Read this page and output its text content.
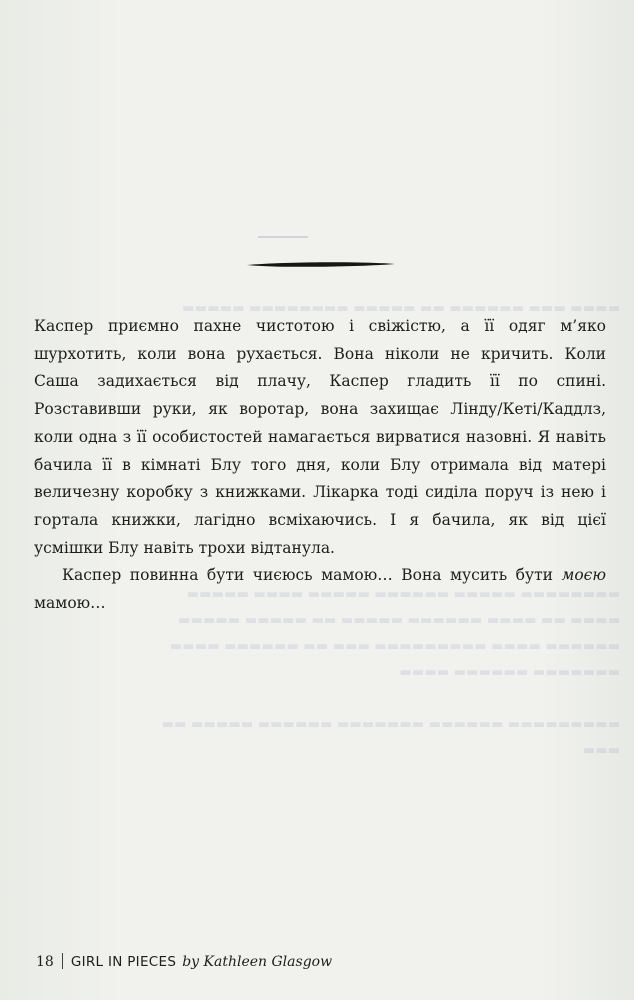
▬▬▬▬ ▬▬▬ ▬▬▬▬▬▬ ▬▬ ▬▬▬▬▬ ▬▬▬▬▬▬▬▬ ▬▬▬▬▬

▬▬▬▬▬▬▬▬ ▬▬▬▬▬ ▬▬▬▬▬▬ ▬▬▬▬▬ ▬▬▬▬ ▬▬▬▬▬
▬▬▬▬ ▬▬ ▬▬▬▬ ▬▬▬▬▬▬ ▬▬▬▬▬ ▬▬ ▬▬▬▬▬ ▬▬▬▬▬
▬▬▬▬▬▬ ▬▬▬▬ ▬▬▬▬▬▬▬▬▬ ▬▬▬ ▬▬ ▬▬▬▬▬▬ ▬▬▬▬
▬▬▬▬▬▬▬ ▬▬▬▬▬▬ ▬▬▬▬

▬▬▬▬▬▬▬▬▬ ▬▬▬▬▬▬ ▬▬▬▬▬▬▬ ▬▬▬▬▬▬ ▬▬▬▬▬ ▬▬
▬▬▬

Каспер приємно пахне чистотою і свіжістю, а її одяг м’яко шурхотить, коли вона рухається. Вона ніколи не кричить. Коли Саша задихається від плачу, Каспер гладить її по спині. Розставивши руки, як воротар, вона захищає Лінду/Кеті/Каддлз, коли одна з її особистостей намагається вирватися назовні. Я навіть бачила її в кімнаті Блу того дня, коли Блу отримала від матері величезну коробку з книжками. Лікарка тоді сиділа поруч із нею і гортала книжки, лагідно всміхаючись. І я бачила, як від цієї усмішки Блу навіть трохи відтанула.

Каспер повинна бути чиєюсь мамою… Вона мусить бути моєю мамою…

18 GIRL IN PIECES by Kathleen Glasgow
